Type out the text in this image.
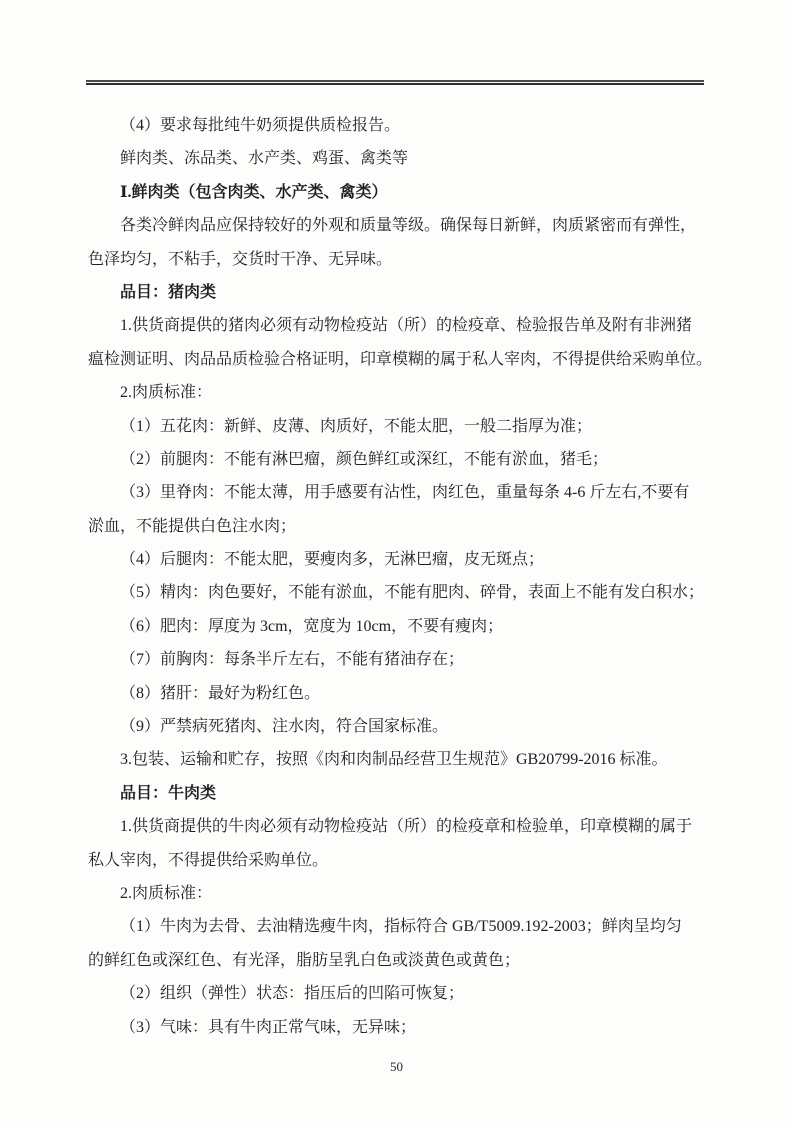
（4）要求每批纯牛奶须提供质检报告。
鲜肉类、冻品类、水产类、鸡蛋、禽类等
Ⅰ.鲜肉类（包含肉类、水产类、禽类）
各类冷鲜肉品应保持较好的外观和质量等级。确保每日新鲜，肉质紧密而有弹性，
色泽均匀，不粘手，交货时干净、无异味。
品目：猪肉类
1.供货商提供的猪肉必须有动物检疫站（所）的检疫章、检验报告单及附有非洲猪
瘟检测证明、肉品品质检验合格证明，印章模糊的属于私人宰肉，不得提供给采购单位。
2.肉质标准：
（1）五花肉：新鲜、皮薄、肉质好，不能太肥，一般二指厚为准；
（2）前腿肉：不能有淋巴瘤，颜色鲜红或深红，不能有淤血，猪毛；
（3）里脊肉：不能太薄，用手感要有沾性，肉红色，重量每条 4-6 斤左右,不要有
淤血，不能提供白色注水肉；
（4）后腿肉：不能太肥，要瘦肉多，无淋巴瘤，皮无斑点；
（5）精肉：肉色要好，不能有淤血，不能有肥肉、碎骨，表面上不能有发白积水；
（6）肥肉：厚度为 3cm，宽度为 10cm，不要有瘦肉；
（7）前胸肉：每条半斤左右，不能有猪油存在；
（8）猪肝：最好为粉红色。
（9）严禁病死猪肉、注水肉，符合国家标准。
3.包装、运输和贮存，按照《肉和肉制品经营卫生规范》GB20799-2016 标准。
品目：牛肉类
1.供货商提供的牛肉必须有动物检疫站（所）的检疫章和检验单，印章模糊的属于
私人宰肉，不得提供给采购单位。
2.肉质标准：
（1）牛肉为去骨、去油精选瘦牛肉，指标符合 GB/T5009.192-2003；鲜肉呈均匀
的鲜红色或深红色、有光泽，脂肪呈乳白色或淡黄色或黄色；
（2）组织（弹性）状态：指压后的凹陷可恢复；
（3）气味：具有牛肉正常气味，无异味；
50
